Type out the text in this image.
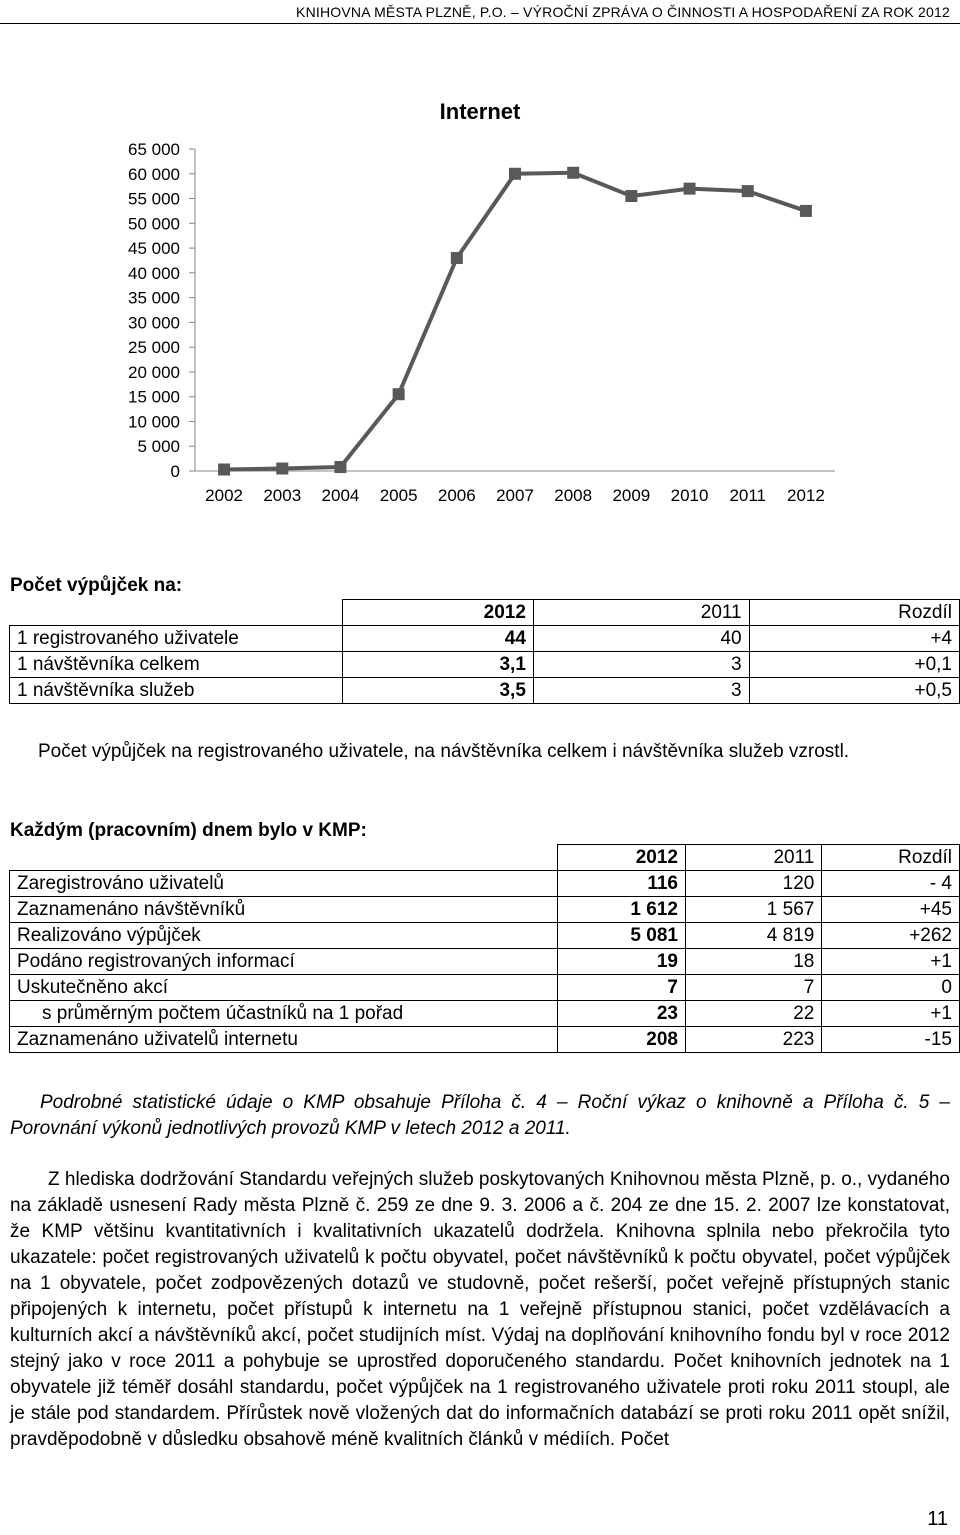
KNIHOVNA MĚSTA PLZNĚ, P.O. – VÝROČNÍ ZPRÁVA O ČINNOSTI A HOSPODAŘENÍ ZA ROK 2012
Internet
0
5 000
10 000
15 000
20 000
25 000
30 000
35 000
40 000
45 000
50 000
55 000
60 000
65 000
2002 2003 2004 2005 2006 2007 2008 2009 2010 2011 2012
Počet výpůjček na:
	2012	2011	Rozdíl
1 registrovaného uživatele	44	40	+4
1 návštěvníka celkem	3,1	3	+0,1
1 návštěvníka služeb	3,5	3	+0,5
Počet výpůjček na registrovaného uživatele, na návštěvníka celkem i návštěvníka služeb vzrostl.
Každým (pracovním) dnem bylo v KMP:
	2012	2011	Rozdíl
Zaregistrováno uživatelů	116	120	- 4
Zaznamenáno návštěvníků	1 612	1 567	+45
Realizováno výpůjček	5 081	4 819	+262
Podáno registrovaných informací	19	18	+1
Uskutečněno akcí	7	7	0
s průměrným počtem účastníků na 1 pořad	23	22	+1
Zaznamenáno uživatelů internetu	208	223	-15
Podrobné statistické údaje o KMP obsahuje Příloha č. 4 – Roční výkaz o knihovně a Příloha č. 5 – Porovnání výkonů jednotlivých provozů KMP v letech 2012 a 2011.
Z hlediska dodržování Standardu veřejných služeb poskytovaných Knihovnou města Plzně, p. o., vydaného na základě usnesení Rady města Plzně č. 259 ze dne 9. 3. 2006 a č. 204 ze dne 15. 2. 2007 lze konstatovat, že KMP většinu kvantitativních i kvalitativních ukazatelů dodržela. Knihovna splnila nebo překročila tyto ukazatele: počet registrovaných uživatelů k počtu obyvatel, počet návštěvníků k počtu obyvatel, počet výpůjček na 1 obyvatele, počet zodpovězených dotazů ve studovně, počet rešerší, počet veřejně přístupných stanic připojených k internetu, počet přístupů k internetu na 1 veřejně přístupnou stanici, počet vzdělávacích a kulturních akcí a návštěvníků akcí, počet studijních míst. Výdaj na doplňování knihovního fondu byl v roce 2012 stejný jako v roce 2011 a pohybuje se uprostřed doporučeného standardu. Počet knihovních jednotek na 1 obyvatele již téměř dosáhl standardu, počet výpůjček na 1 registrovaného uživatele proti roku 2011 stoupl, ale je stále pod standardem. Přírůstek nově vložených dat do informačních databází se proti roku 2011 opět snížil, pravděpodobně v důsledku obsahově méně kvalitních článků v médiích. Počet
11
